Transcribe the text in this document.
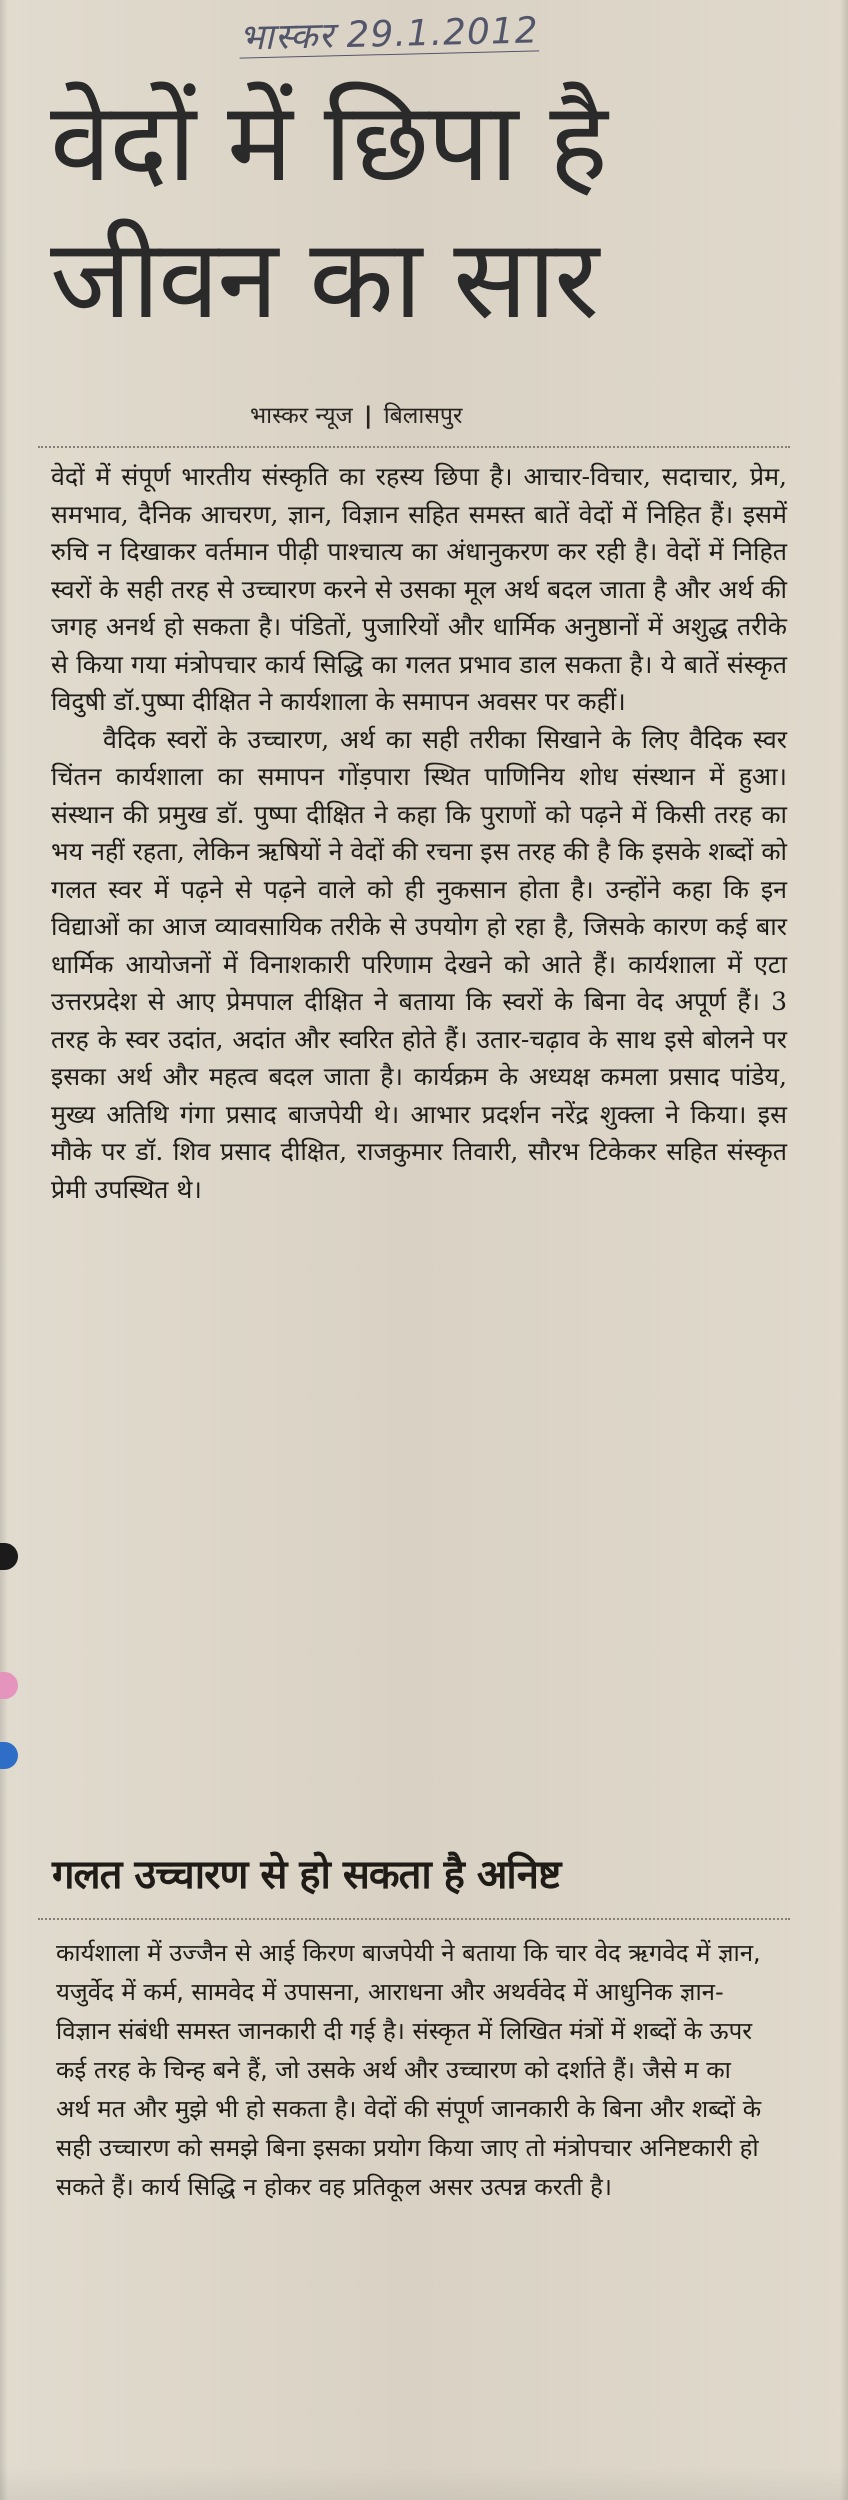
भास्कर 29.1.2012
वेदों में छिपा है
जीवन का सार
भास्कर न्यूज | बिलासपुर

वेदों में संपूर्ण भारतीय संस्कृति का रहस्य छिपा है। आचार-विचार, सदाचार, प्रेम, समभाव, दैनिक आचरण, ज्ञान, विज्ञान सहित समस्त बातें वेदों में निहित हैं। इसमें रुचि न दिखाकर वर्तमान पीढ़ी पाश्चात्य का अंधानुकरण कर रही है। वेदों में निहित स्वरों के सही तरह से उच्चारण करने से उसका मूल अर्थ बदल जाता है और अर्थ की जगह अनर्थ हो सकता है। पंडितों, पुजारियों और धार्मिक अनुष्ठानों में अशुद्ध तरीके से किया गया मंत्रोपचार कार्य सिद्धि का गलत प्रभाव डाल सकता है। ये बातें संस्कृत विदुषी डॉ.पुष्पा दीक्षित ने कार्यशाला के समापन अवसर पर कहीं।

वैदिक स्वरों के उच्चारण, अर्थ का सही तरीका सिखाने के लिए वैदिक स्वर चिंतन कार्यशाला का समापन गोंड़पारा स्थित पाणिनिय शोध संस्थान में हुआ। संस्थान की प्रमुख डॉ. पुष्पा दीक्षित ने कहा कि पुराणों को पढ़ने में किसी तरह का भय नहीं रहता, लेकिन ऋषियों ने वेदों की रचना इस तरह की है कि इसके शब्दों को गलत स्वर में पढ़ने से पढ़ने वाले को ही नुकसान होता है। उन्होंने कहा कि इन विद्याओं का आज व्यावसायिक तरीके से उपयोग हो रहा है, जिसके कारण कई बार धार्मिक आयोजनों में विनाशकारी परिणाम देखने को आते हैं। कार्यशाला में एटा उत्तरप्रदेश से आए प्रेमपाल दीक्षित ने बताया कि स्वरों के बिना वेद अपूर्ण हैं। 3 तरह के स्वर उदांत, अदांत और स्वरित होते हैं। उतार-चढ़ाव के साथ इसे बोलने पर इसका अर्थ और महत्व बदल जाता है। कार्यक्रम के अध्यक्ष कमला प्रसाद पांडेय, मुख्य अतिथि गंगा प्रसाद बाजपेयी थे। आभार प्रदर्शन नरेंद्र शुक्ला ने किया। इस मौके पर डॉ. शिव प्रसाद दीक्षित, राजकुमार तिवारी, सौरभ टिकेकर सहित संस्कृत प्रेमी उपस्थित थे।

गलत उच्चारण से हो सकता है अनिष्ट

कार्यशाला में उज्जैन से आई किरण बाजपेयी ने बताया कि चार वेद ऋगवेद में ज्ञान, यजुर्वेद में कर्म, सामवेद में उपासना, आराधना और अथर्ववेद में आधुनिक ज्ञान-विज्ञान संबंधी समस्त जानकारी दी गई है। संस्कृत में लिखित मंत्रों में शब्दों के ऊपर कई तरह के चिन्ह बने हैं, जो उसके अर्थ और उच्चारण को दर्शाते हैं। जैसे म का अर्थ मत और मुझे भी हो सकता है। वेदों की संपूर्ण जानकारी के बिना और शब्दों के सही उच्चारण को समझे बिना इसका प्रयोग किया जाए तो मंत्रोपचार अनिष्टकारी हो सकते हैं। कार्य सिद्धि न होकर वह प्रतिकूल असर उत्पन्न करती है।
